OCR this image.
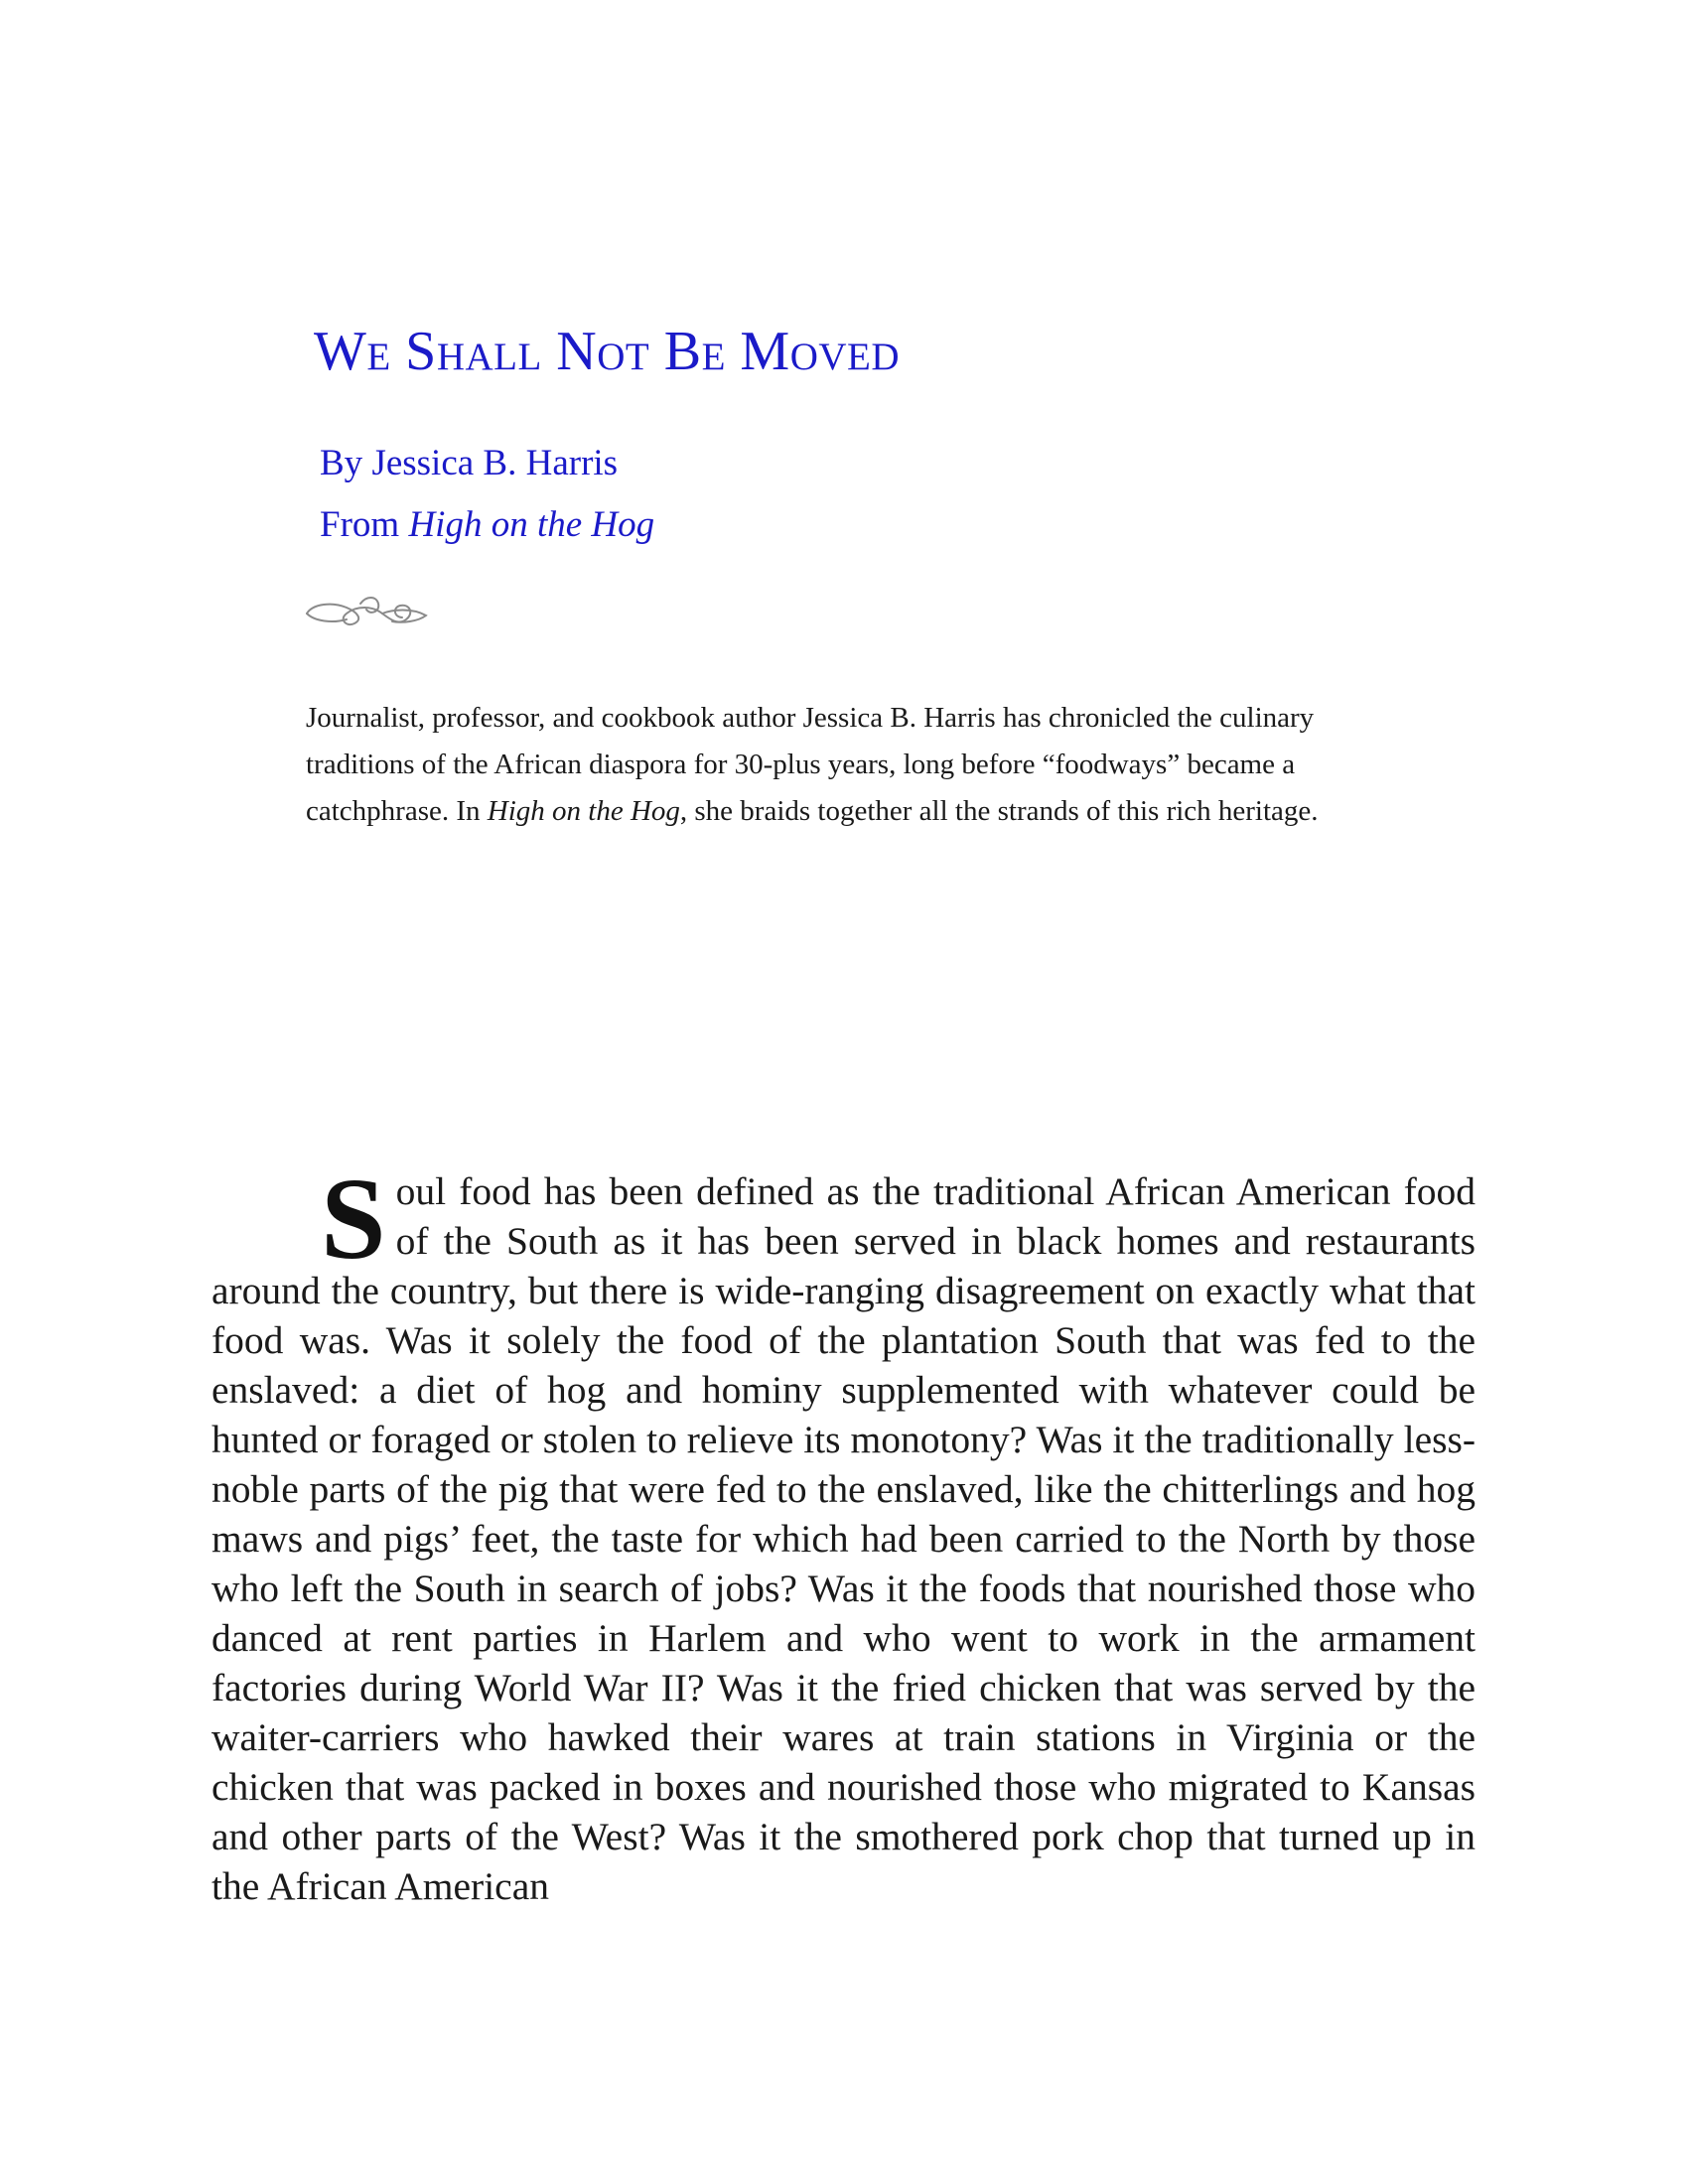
We Shall Not Be Moved
By Jessica B. Harris
From High on the Hog
Journalist, professor, and cookbook author Jessica B. Harris has chronicled the culinary traditions of the African diaspora for 30-plus years, long before “foodways” became a catchphrase. In High on the Hog, she braids together all the strands of this rich heritage.

Soul food has been defined as the traditional African American food of the South as it has been served in black homes and restaurants around the country, but there is wide-ranging disagreement on exactly what that food was. Was it solely the food of the plantation South that was fed to the enslaved: a diet of hog and hominy supplemented with whatever could be hunted or foraged or stolen to relieve its monotony? Was it the traditionally less-noble parts of the pig that were fed to the enslaved, like the chitterlings and hog maws and pigs’ feet, the taste for which had been carried to the North by those who left the South in search of jobs? Was it the foods that nourished those who danced at rent parties in Harlem and who went to work in the armament factories during World War II? Was it the fried chicken that was served by the waiter-carriers who hawked their wares at train stations in Virginia or the chicken that was packed in boxes and nourished those who migrated to Kansas and other parts of the West? Was it the smothered pork chop that turned up in the African American
